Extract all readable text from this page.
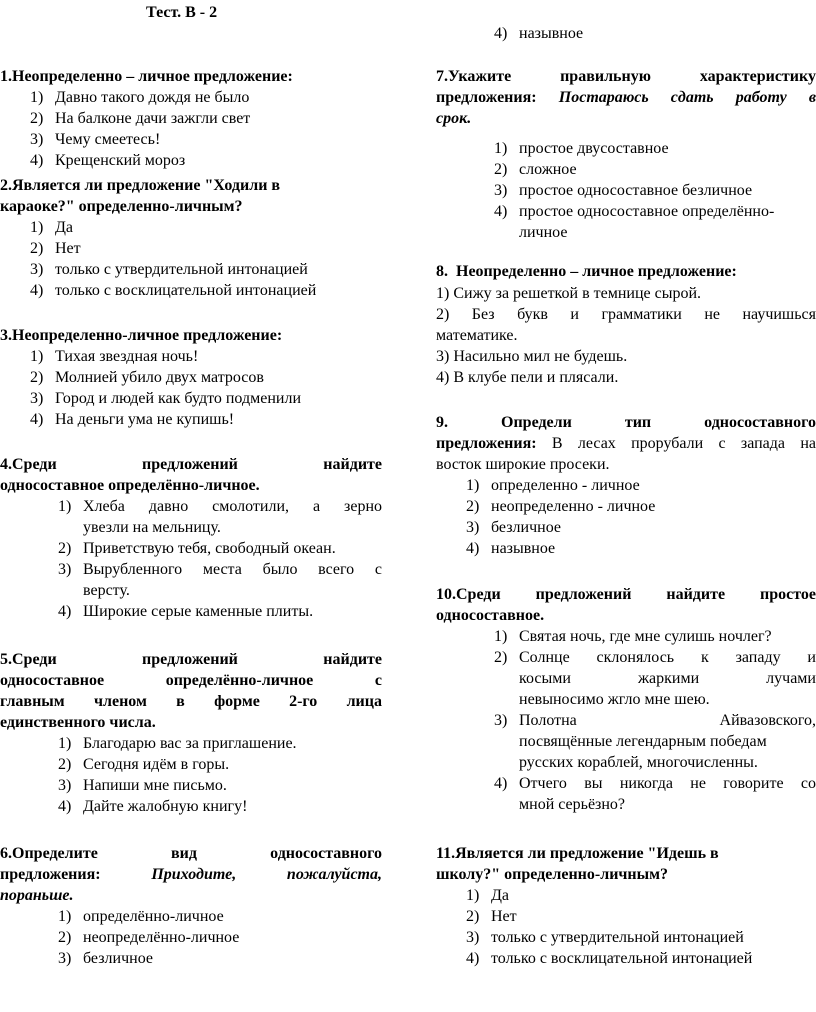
Тест. В - 2
1.Неопределенно – личное предложение:
1) Давно такого дождя не было
2) На балконе дачи зажгли свет
3) Чему смеетесь!
4) Крещенский мороз
2.Является ли предложение "Ходили в
караоке?" определенно-личным?
1) Да
2) Нет
3) только с утвердительной интонацией
4) только с восклицательной интонацией
3.Неопределенно-личное предложение:
1) Тихая звездная ночь!
2) Молнией убило двух матросов
3) Город и людей как будто подменили
4) На деньги ума не купишь!
4.Среди предложений найдите
односоставное определённо-личное.
1) Хлеба давно смолотили, а зерно
увезли на мельницу.
2) Приветствую тебя, свободный океан.
3) Вырубленного места было всего с
версту.
4) Широкие серые каменные плиты.
5.Среди предложений найдите
односоставное определённо-личное с
главным членом в форме 2-го лица
единственного числа.
1) Благодарю вас за приглашение.
2) Сегодня идём в горы.
3) Напиши мне письмо.
4) Дайте жалобную книгу!
6.Определите вид односоставного
предложения:	Приходите, пожалуйста,
пораньше.
1) определённо-личное
2) неопределённо-личное
3) безличное
4) назывное
7.Укажите правильную характеристику
предложения: Постараюсь сдать работу в
срок.
1) простое двусоставное
2) сложное
3) простое односоставное безличное
4) простое односоставное определённо-
личное
8.  Неопределенно – личное предложение:
1) Сижу за решеткой в темнице сырой.
2) Без букв и грамматики не научишься
математике.
3) Насильно мил не будешь.
4) В клубе пели и плясали.
9. Определи тип односоставного
предложения: В лесах прорубали с запада на
восток широкие просеки.
1) определенно - личное
2) неопределенно - личное
3) безличное
4) назывное
10.Среди предложений найдите простое
односоставное.
1) Святая ночь, где мне сулишь ночлег?
2) Солнце склонялось к западу и
косыми жаркими лучами
невыносимо жгло мне шею.
3) Полотна Айвазовского,
посвящённые легендарным победам
русских кораблей, многочисленны.
4) Отчего вы никогда не говорите со
мной серьёзно?
11.Является ли предложение "Идешь в
школу?" определенно-личным?
1) Да
2) Нет
3) только с утвердительной интонацией
4) только с восклицательной интонацией
